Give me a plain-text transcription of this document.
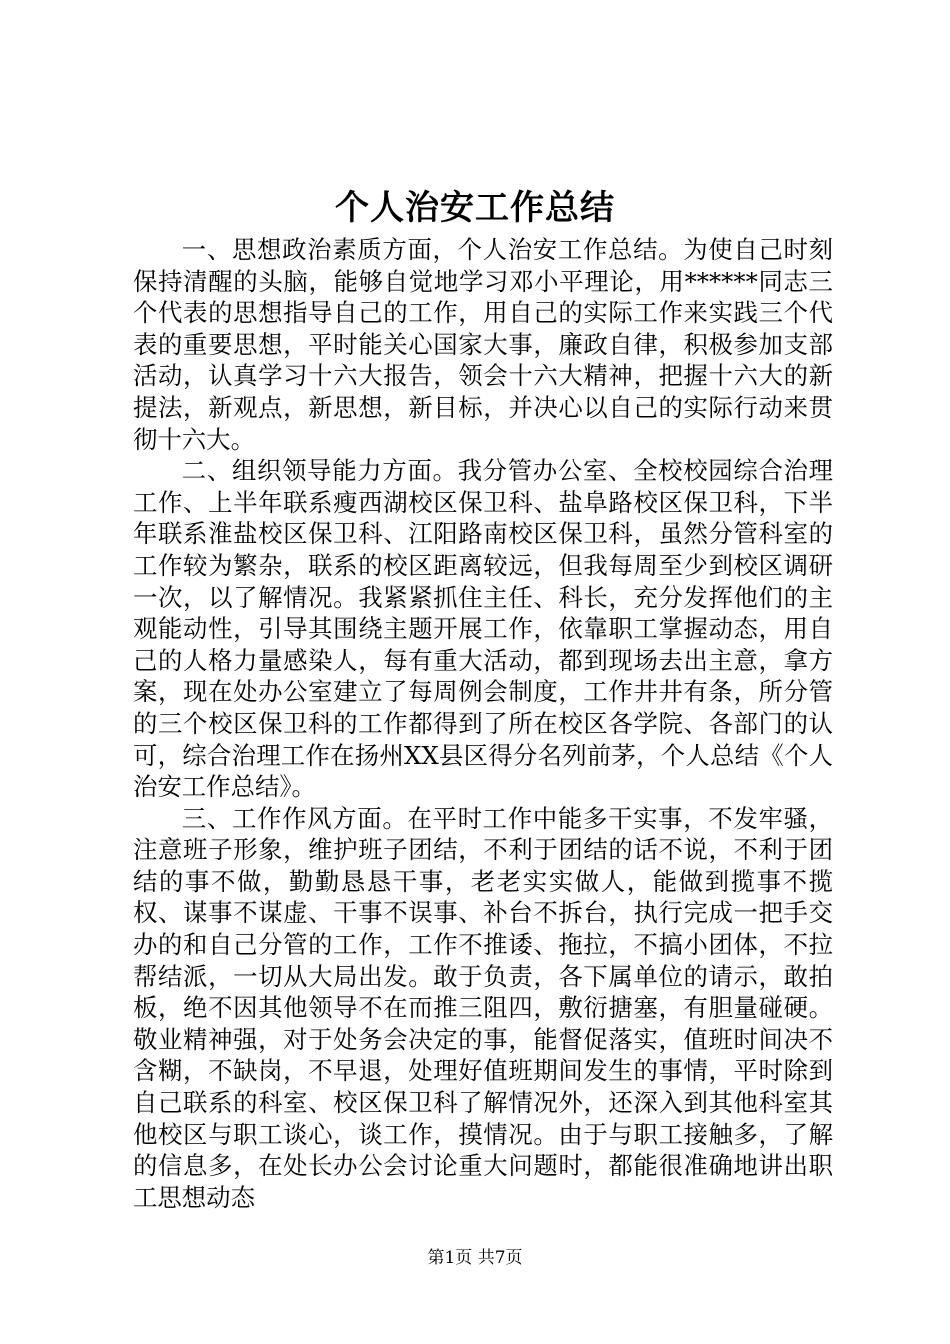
个人治安工作总结

一、思想政治素质方面，个人治安工作总结。为使自己时刻保持清醒的头脑，能够自觉地学习邓小平理论，用******同志三个代表的思想指导自己的工作，用自己的实际工作来实践三个代表的重要思想，平时能关心国家大事，廉政自律，积极参加支部活动，认真学习十六大报告，领会十六大精神，把握十六大的新提法，新观点，新思想，新目标，并决心以自己的实际行动来贯彻十六大。

二、组织领导能力方面。我分管办公室、全校校园综合治理工作、上半年联系瘦西湖校区保卫科、盐阜路校区保卫科，下半年联系淮盐校区保卫科、江阳路南校区保卫科，虽然分管科室的工作较为繁杂，联系的校区距离较远，但我每周至少到校区调研一次，以了解情况。我紧紧抓住主任、科长，充分发挥他们的主观能动性，引导其围绕主题开展工作，依靠职工掌握动态，用自己的人格力量感染人，每有重大活动，都到现场去出主意，拿方案，现在处办公室建立了每周例会制度，工作井井有条，所分管的三个校区保卫科的工作都得到了所在校区各学院、各部门的认可，综合治理工作在扬州XX县区得分名列前茅，个人总结《个人治安工作总结》。

三、工作作风方面。在平时工作中能多干实事，不发牢骚，注意班子形象，维护班子团结，不利于团结的话不说，不利于团结的事不做，勤勤恳恳干事，老老实实做人，能做到揽事不揽权、谋事不谋虚、干事不误事、补台不拆台，执行完成一把手交办的和自己分管的工作，工作不推诿、拖拉，不搞小团体，不拉帮结派，一切从大局出发。敢于负责，各下属单位的请示，敢拍板，绝不因其他领导不在而推三阻四，敷衍搪塞，有胆量碰硬。敬业精神强，对于处务会决定的事，能督促落实，值班时间决不含糊，不缺岗，不早退，处理好值班期间发生的事情，平时除到自己联系的科室、校区保卫科了解情况外，还深入到其他科室其他校区与职工谈心，谈工作，摸情况。由于与职工接触多，了解的信息多，在处长办公会讨论重大问题时，都能很准确地讲出职工思想动态

第1页 共7页
